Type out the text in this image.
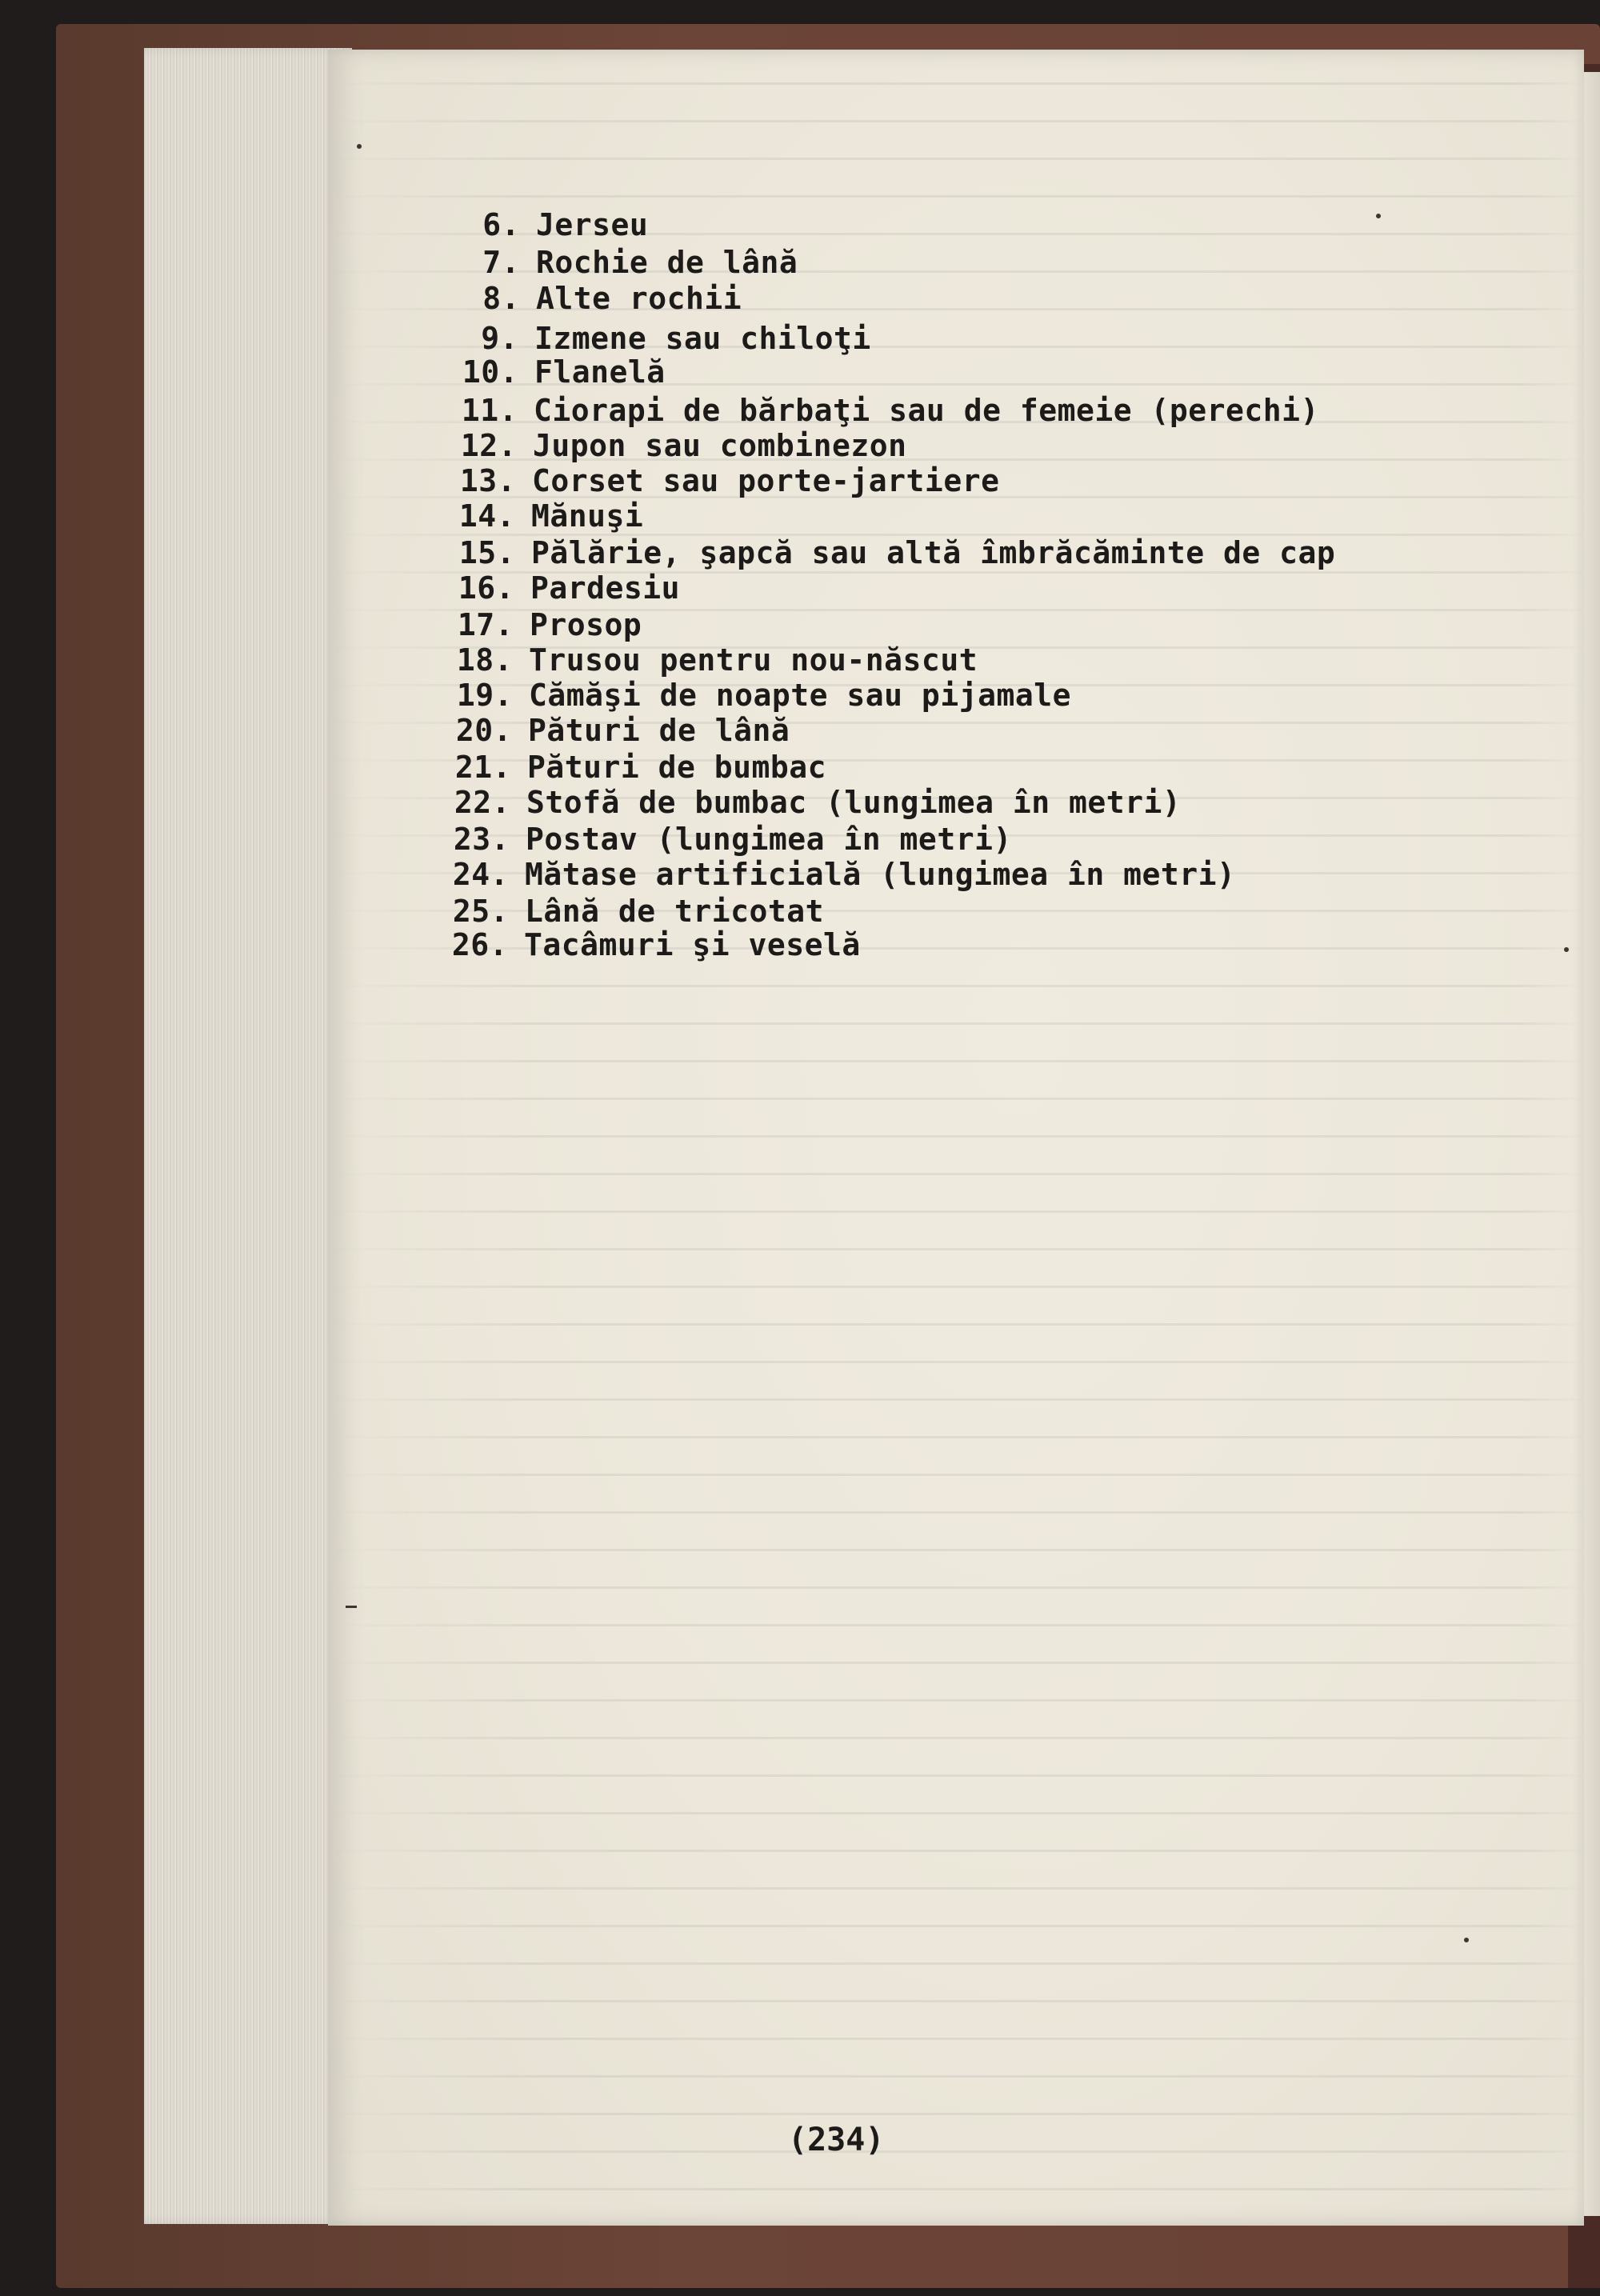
6. Jerseu
7. Rochie de lână
8. Alte rochii
9. Izmene sau chiloţi
10. Flanelă
11. Ciorapi de bărbaţi sau de femeie (perechi)
12. Jupon sau combinezon
13. Corset sau porte-jartiere
14. Mănuşi
15. Pălărie, şapcă sau altă îmbrăcăminte de cap
16. Pardesiu
17. Prosop
18. Trusou pentru nou-născut
19. Cămăşi de noapte sau pijamale
20. Pături de lână
21. Pături de bumbac
22. Stofă de bumbac (lungimea în metri)
23. Postav (lungimea în metri)
24. Mătase artificială (lungimea în metri)
25. Lână de tricotat
26. Tacâmuri şi veselă
(234)
